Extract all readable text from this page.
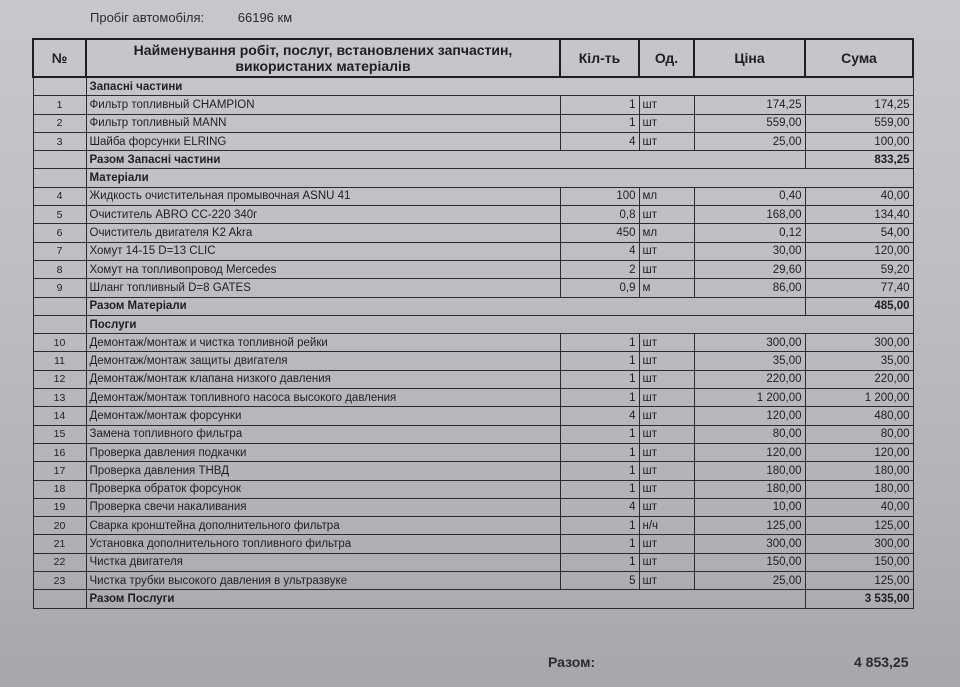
Пробіг автомобіля:	66196 км
№	Найменування робіт, послуг, встановлених запчастин, використаних матеріалів	Кіл-ть	Од.	Ціна	Сума
	Запасні частини				
1	Фильтр топливный CHAMPION	1	шт	174,25	174,25
2	Фильтр топливный MANN	1	шт	559,00	559,00
3	Шайба форсунки ELRING	4	шт	25,00	100,00
	Разом Запасні частини				833,25
	Матеріали				
4	Жидкость очистительная промывочная ASNU 41	100	мл	0,40	40,00
5	Очиститель ABRO CC-220 340г	0,8	шт	168,00	134,40
6	Очиститель двигателя K2 Akra	450	мл	0,12	54,00
7	Хомут 14-15 D=13 CLIC	4	шт	30,00	120,00
8	Хомут на топливопровод Mercedes	2	шт	29,60	59,20
9	Шланг топливный D=8 GATES	0,9	м	86,00	77,40
	Разом Матеріали				485,00
	Послуги				
10	Демонтаж/монтаж и чистка топливной рейки	1	шт	300,00	300,00
11	Демонтаж/монтаж защиты двигателя	1	шт	35,00	35,00
12	Демонтаж/монтаж клапана низкого давления	1	шт	220,00	220,00
13	Демонтаж/монтаж топливного насоса высокого давления	1	шт	1 200,00	1 200,00
14	Демонтаж/монтаж форсунки	4	шт	120,00	480,00
15	Замена топливного фильтра	1	шт	80,00	80,00
16	Проверка давления подкачки	1	шт	120,00	120,00
17	Проверка давления ТНВД	1	шт	180,00	180,00
18	Проверка обраток форсунок	1	шт	180,00	180,00
19	Проверка свечи накаливания	4	шт	10,00	40,00
20	Сварка кронштейна дополнительного фильтра	1	н/ч	125,00	125,00
21	Установка дополнительного топливного фильтра	1	шт	300,00	300,00
22	Чистка двигателя	1	шт	150,00	150,00
23	Чистка трубки высокого давления в ультразвуке	5	шт	25,00	125,00
	Разом Послуги				3 535,00
Разом:	4 853,25
